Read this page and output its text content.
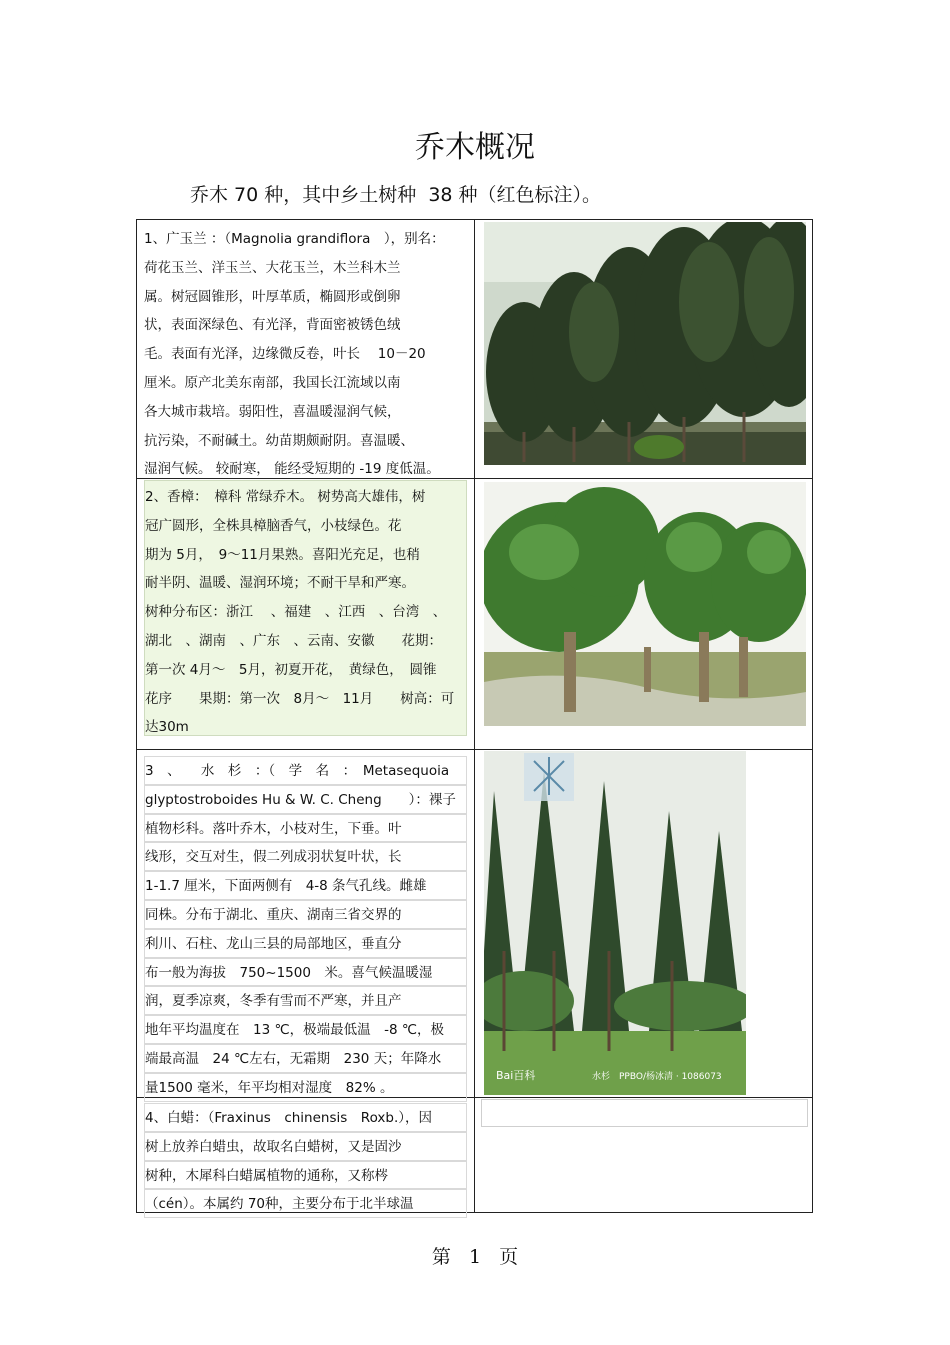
乔木概况
乔木 70 种，其中乡土树种 38 种（红色标注）。
1、广玉兰 ：（Magnolia grandiflora　），别名：
荷花玉兰、洋玉兰、大花玉兰，木兰科木兰
属。树冠圆锥形，叶厚革质，椭圆形或倒卵
状，表面深绿色、有光泽，背面密被锈色绒
毛。表面有光泽，边缘微反卷，叶长　 10－20
厘米。原产北美东南部，我国长江流域以南
各大城市栽培。弱阳性，喜温暖湿润气候，
抗污染，不耐碱土。幼苗期颇耐阴。喜温暖、
湿润气候。 较耐寒， 能经受短期的 -19 度低温。
2、香樟：　樟科 常绿乔木。 树势高大雄伟，树
冠广圆形，全株具樟脑香气，小枝绿色。花
期为 5月，　9～11月果熟。喜阳光充足，也稍
耐半阴、温暖、湿润环境；不耐干旱和严寒。
树种分布区：浙江　 、福建　、江西　、台湾　、
湖北　、湖南　、广东　、云南、安徽　　花期：
第一次 4月～　5月，初夏开花，　黄绿色，　圆锥
花序　　果期：第一次　8月～　11月　　树高：可
达30m
3　、　　水　杉　：（　学　名　：　Metasequoia
glyptostroboides Hu & W. C. Cheng　　）：裸子
植物杉科。落叶乔木，小枝对生，下垂。叶
线形，交互对生，假二列成羽状复叶状，长
1-1.7 厘米，下面两侧有　4-8 条气孔线。雌雄
同株。分布于湖北、重庆、湖南三省交界的
利川、石柱、龙山三县的局部地区，垂直分
布一般为海拔　750~1500　米。喜气候温暖湿
润，夏季凉爽，冬季有雪而不严寒，并且产
地年平均温度在　13 ℃，极端最低温　-8 ℃，极
端最高温　24 ℃左右，无霜期　230 天；年降水
量1500 毫米，年平均相对湿度　82% 。
Bai百科	水杉　PPBO/杨冰清 · 1086073
4、白蜡：（Fraxinus　chinensis　Roxb.），因
树上放养白蜡虫，故取名白蜡树，又是固沙
树种，木犀科白蜡属植物的通称，又称梣
（cén）。本属约 70种，主要分布于北半球温
第 1 页
